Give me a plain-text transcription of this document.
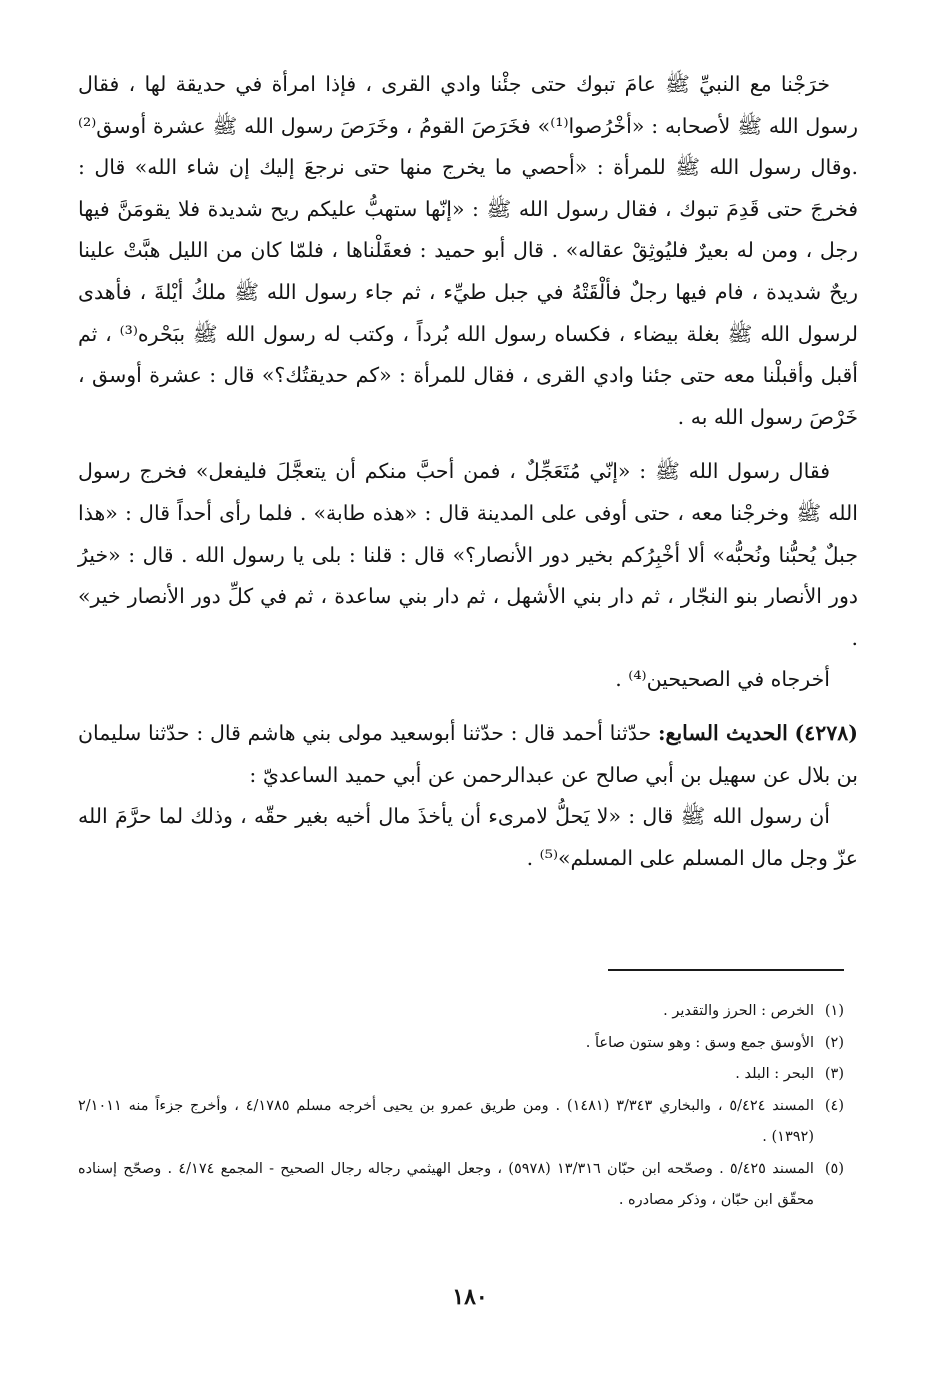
خرَجْنا مع النبيِّ ﷺ عامَ تبوك حتى جئْنا وادي القرى ، فإذا امرأة في حديقة لها ، فقال رسول الله ﷺ لأصحابه : «أخْرُصوا⁽¹⁾» فخَرَصَ القومُ ، وخَرَصَ رسول الله ﷺ عشرة أوسق⁽²⁾ .وقال رسول الله ﷺ للمرأة : «أحصي ما يخرج منها حتى نرجعَ إليك إن شاء الله» قال : فخرجَ حتى قَدِمَ تبوك ، فقال رسول الله ﷺ : «إنّها ستهبُّ عليكم ريح شديدة فلا يقومَنَّ فيها رجل ، ومن له بعيرٌ فليُوثِقْ عقاله» . قال أبو حميد : فعقَلْناها ، فلمّا كان من الليل هبَّتْ علينا ريحٌ شديدة ، فام فيها رجلٌ فألْقَتْهُ في جبل طيِّء ، ثم جاء رسول الله ﷺ ملكُ أيْلةَ ، فأهدى لرسول الله ﷺ بغلة بيضاء ، فكساه رسول الله بُرداً ، وكتب له رسول الله ﷺ ببَحْره⁽³⁾ ، ثم أقبل وأقبلْنا معه حتى جئنا وادي القرى ، فقال للمرأة : «كم حديقتُك؟» قال : عشرة أوسق ، خَرْصَ رسول الله به .

فقال رسول الله ﷺ : «إنّي مُتَعَجِّلٌ ، فمن أحبَّ منكم أن يتعجَّلَ فليفعل» فخرج رسول الله ﷺ وخرجْنا معه ، حتى أوفى على المدينة قال : «هذه طابة» . فلما رأى أحداً قال : «هذا جبلٌ يُحبُّنا ونُحبُّه» ألا أخْبِرُكم بخير دور الأنصار؟» قال : قلنا : بلى يا رسول الله . قال : «خيرُ دور الأنصار بنو النجّار ، ثم دار بني الأشهل ، ثم دار بني ساعدة ، ثم في كلِّ دور الأنصار خير» .

أخرجاه في الصحيحين⁽⁴⁾ .

(٤٢٧٨) الحديث السابع: حدّثنا أحمد قال : حدّثنا أبوسعيد مولى بني هاشم قال : حدّثنا سليمان بن بلال عن سهيل بن أبي صالح عن عبدالرحمن عن أبي حميد الساعديّ :

أن رسول الله ﷺ قال : «لا يَحلُّ لامرىء أن يأخذَ مال أخيه بغير حقّه ، وذلك لما حرَّمَ الله عزّ وجل مال المسلم على المسلم»⁽⁵⁾ .

(١)
الخرص : الحرز والتقدير .

(٢)
الأوسق جمع وسق : وهو ستون صاعاً .

(٣)
البحر : البلد .

(٤)
المسند ٥/٤٢٤ ، والبخاري ٣/٣٤٣ (١٤٨١) . ومن طريق عمرو بن يحيى أخرجه مسلم ٤/١٧٨٥ ، وأخرج جزءاً منه ٢/١٠١١ (١٣٩٢) .

(٥)
المسند ٥/٤٢٥ . وصحّحه ابن حبّان ١٣/٣١٦ (٥٩٧٨) ، وجعل الهيثمي رجاله رجال الصحيح - المجمع ٤/١٧٤ . وصحّح إسناده محقّق ابن حبّان ، وذكر مصادره .

١٨٠
